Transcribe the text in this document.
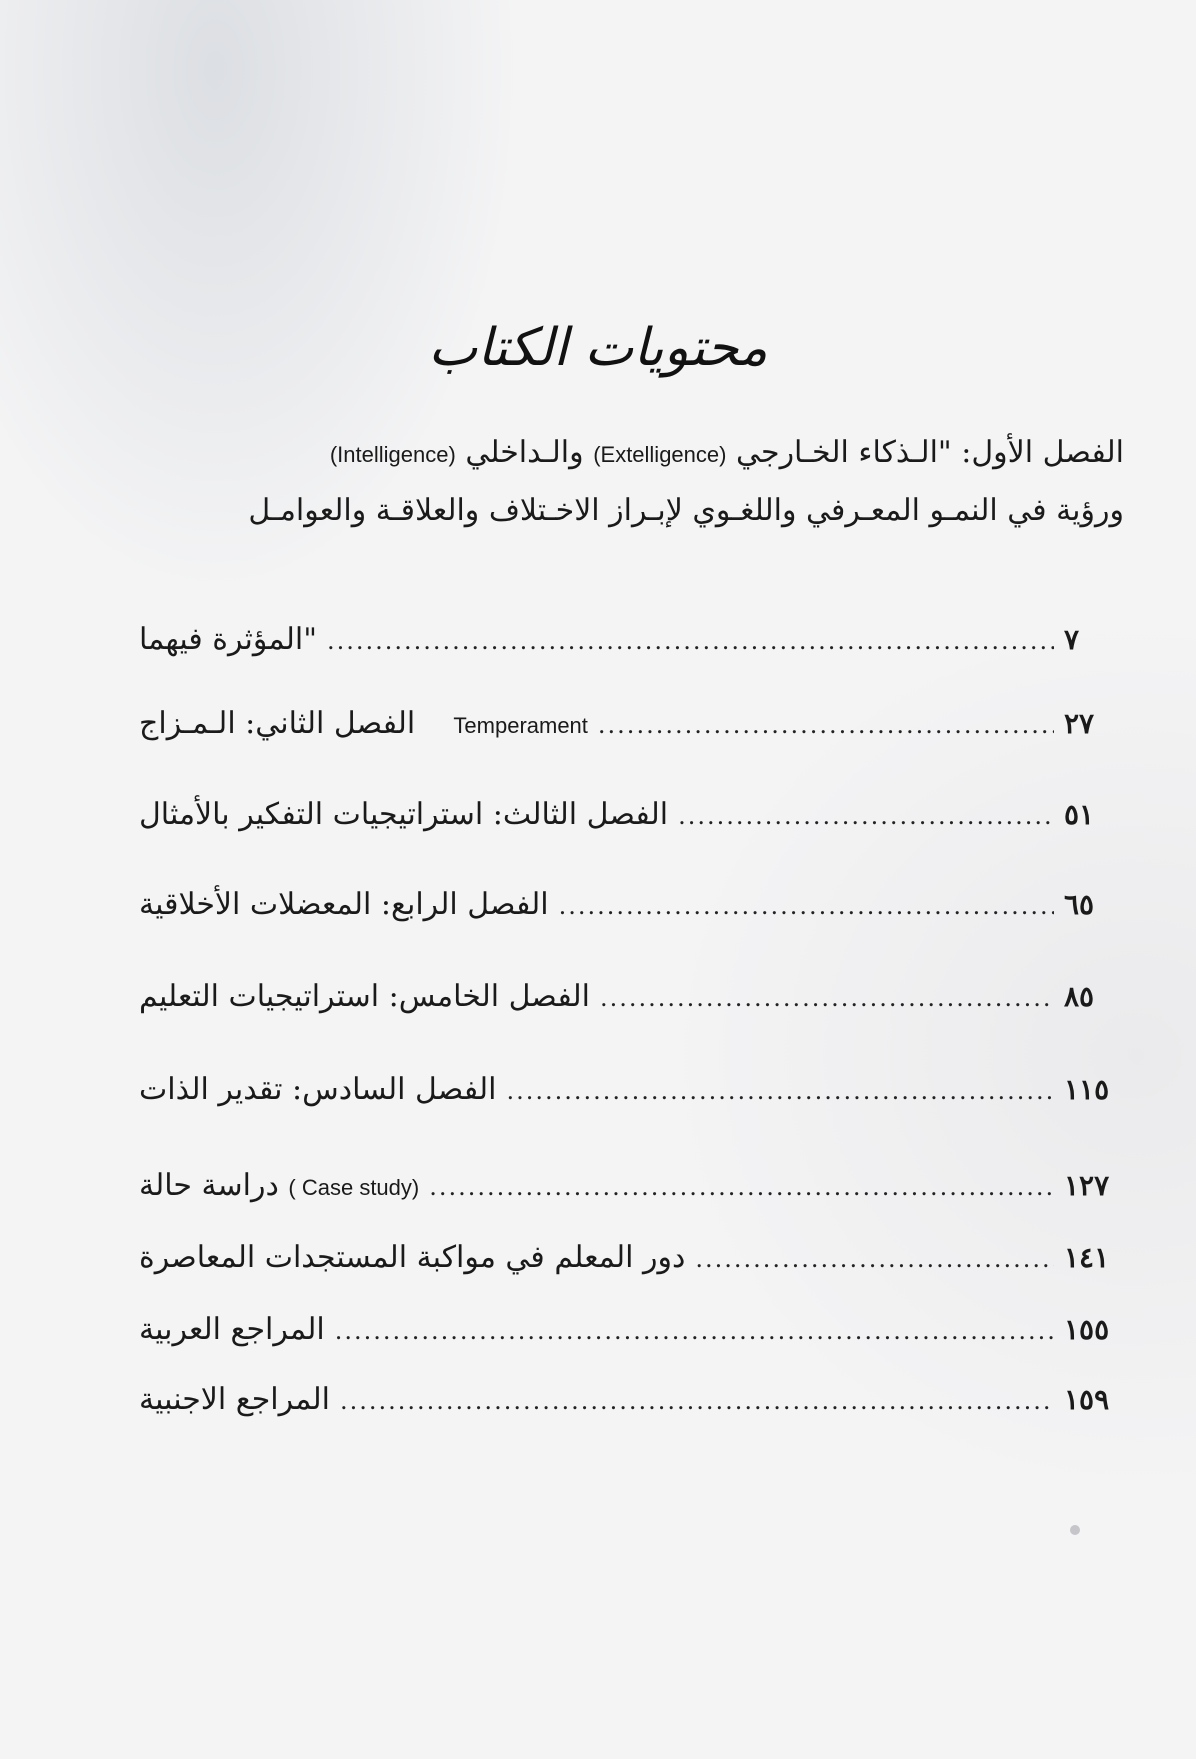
محتويات الكتاب
الفصل الأول: "الـذكاء الخـارجي (Extelligence) والـداخلي (Intelligence)
ورؤية في النمـو المعـرفي واللغـوي لإبـراز الاخـتلاف والعلاقـة والعوامـل
المؤثرة فيهما" .....	٧
الفصل الثاني: الـمـزاج Temperament .....	٢٧
الفصل الثالث: استراتيجيات التفكير بالأمثال .....	٥١
الفصل الرابع: المعضلات الأخلاقية .....	٦٥
الفصل الخامس: استراتيجيات التعليم .....	٨٥
الفصل السادس: تقدير الذات .....	١١٥
دراسة حالة ( Case study) .....	١٢٧
دور المعلم في مواكبة المستجدات المعاصرة .....	١٤١
المراجع العربية .....	١٥٥
المراجع الاجنبية .....	١٥٩
